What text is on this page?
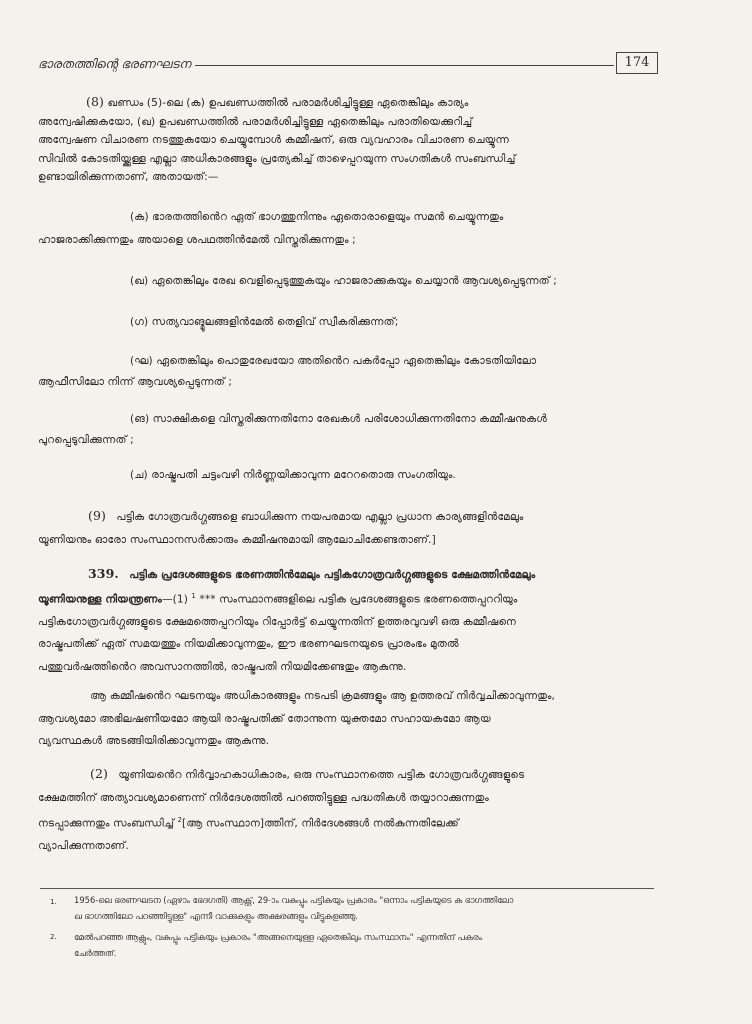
ഭാരതത്തിന്റെ ഭരണഘടന	174
(8) ഖണ്ഡം (5)-ലെ (ക) ഉപഖണ്ഡത്തിൽ പരാമർശിച്ചിട്ടുള്ള ഏതെങ്കിലും കാര്യം
അന്വേഷിക്കുകയോ, (ഖ) ഉപഖണ്ഡത്തിൽ പരാമർശിച്ചിട്ടുള്ള ഏതെങ്കിലും പരാതിയെക്കുറിച്ച്
അന്വേഷണ വിചാരണ നടത്തുകയോ ചെയ്യുമ്പോൾ കമ്മീഷന്, ഒരു വ്യവഹാരം വിചാരണ ചെയ്യുന്ന
സിവിൽ കോടതിയ്ക്കുള്ള എല്ലാ അധികാരങ്ങളും പ്രത്യേകിച്ച് താഴെപ്പറയുന്ന സംഗതികൾ സംബന്ധിച്ച്
ഉണ്ടായിരിക്കുന്നതാണ്, അതായത്:—
(ക) ഭാരതത്തിൻെറ ഏത് ഭാഗത്തുനിന്നും ഏതൊരാളെയും സമൻ ചെയ്യുന്നതും
ഹാജരാക്കിക്കുന്നതും അയാളെ ശപഥത്തിൻമേൽ വിസ്തരിക്കുന്നതും ;
(ഖ) ഏതെങ്കിലും രേഖ വെളിപ്പെടുത്തുകയും ഹാജരാക്കുകയും ചെയ്യാൻ ആവശ്യപ്പെടുന്നത് ;
(ഗ) സത്യവാങ്മൂലങ്ങളിൻമേൽ തെളിവ് സ്വീകരിക്കുന്നത്;
(ഘ) ഏതെങ്കിലും പൊതുരേഖയോ അതിൻെറ പകർപ്പോ ഏതെങ്കിലും കോടതിയിലോ
ആഫീസിലോ നിന്ന് ആവശ്യപ്പെടുന്നത് ;
(ങ) സാക്ഷികളെ വിസ്തരിക്കുന്നതിനോ രേഖകൾ പരിശോധിക്കുന്നതിനോ കമ്മീഷനുകൾ
പുറപ്പെടുവിക്കുന്നത് ;
(ച) രാഷ്ട്രപതി ചട്ടംവഴി നിർണ്ണയിക്കാവുന്ന മറേറതൊരു സംഗതിയും.
(9) പട്ടിക ഗോത്രവർഗ്ഗങ്ങളെ ബാധിക്കുന്ന നയപരമായ എല്ലാ പ്രധാന കാര്യങ്ങളിൻമേലും
യൂണിയനും ഓരോ സംസ്ഥാനസർക്കാരും കമ്മീഷനുമായി ആലോചിക്കേണ്ടതാണ്.]
339. പട്ടിക പ്രദേശങ്ങളുടെ ഭരണത്തിൻമേലും പട്ടികഗോത്രവർഗ്ഗങ്ങളുടെ ക്ഷേമത്തിൻമേലും
യൂണിയനുള്ള നിയന്ത്രണം—(1) $^1$ *** സംസ്ഥാനങ്ങളിലെ പട്ടിക പ്രദേശങ്ങളുടെ ഭരണത്തെപ്പററിയും
പട്ടികഗോത്രവർഗ്ഗങ്ങളുടെ ക്ഷേമത്തെപ്പററിയും റിപ്പോർട്ട് ചെയ്യുന്നതിന് ഉത്തരവുവഴി ഒരു കമ്മീഷനെ
രാഷ്ട്രപതിക്ക് ഏത് സമയത്തും നിയമിക്കാവുന്നതും, ഈ ഭരണഘടനയുടെ പ്രാരംഭം മുതൽ
പത്തുവർഷത്തിൻെറ അവസാനത്തിൽ, രാഷ്ട്രപതി നിയമിക്കേണ്ടതും ആകുന്നു.
ആ കമ്മീഷൻെറ ഘടനയും അധികാരങ്ങളും നടപടി ക്രമങ്ങളും ആ ഉത്തരവ് നിർവ്വചിക്കാവുന്നതും,
ആവശ്യമോ അഭിലഷണീയമോ ആയി രാഷ്ട്രപതിക്ക് തോന്നുന്ന യുക്തമോ സഹായകമോ ആയ
വ്യവസ്ഥകൾ അടങ്ങിയിരിക്കാവുന്നതും ആകുന്നു.
(2) യൂണിയൻെറ നിർവ്വാഹകാധികാരം, ഒരു സംസ്ഥാനത്തെ പട്ടിക ഗോത്രവർഗ്ഗങ്ങളുടെ
ക്ഷേമത്തിന് അത്യാവശ്യമാണെന്ന് നിർദേശത്തിൽ പറഞ്ഞിട്ടുള്ള പദ്ധതികൾ തയ്യാറാക്കുന്നതും
നടപ്പാക്കുന്നതും സംബന്ധിച്ച് $^2$[ആ സംസ്ഥാന]ത്തിന്, നിർദേശങ്ങൾ നൽകുന്നതിലേക്ക്
വ്യാപിക്കുന്നതാണ്.
1. 1956-ലെ ഭരണഘടന (ഏഴാം ഭേദഗതി) ആക്റ്റ്, 29-ാം വകുപ്പും പട്ടികയും പ്രകാരം "ഒന്നാം പട്ടികയുടെ ക ഭാഗത്തിലോ
ഖ ഭാഗത്തിലോ പറഞ്ഞിട്ടുള്ള" എന്നീ വാക്കുകളും അക്ഷരങ്ങളും വിട്ടുകളഞ്ഞു.
2. മേൽപറഞ്ഞ ആക്റ്റും, വകുപ്പും പട്ടികയും പ്രകാരം "അങ്ങനെയുള്ള ഏതെങ്കിലും സംസ്ഥാനം" എന്നതിന് പകരം
ചേർത്തത്.
